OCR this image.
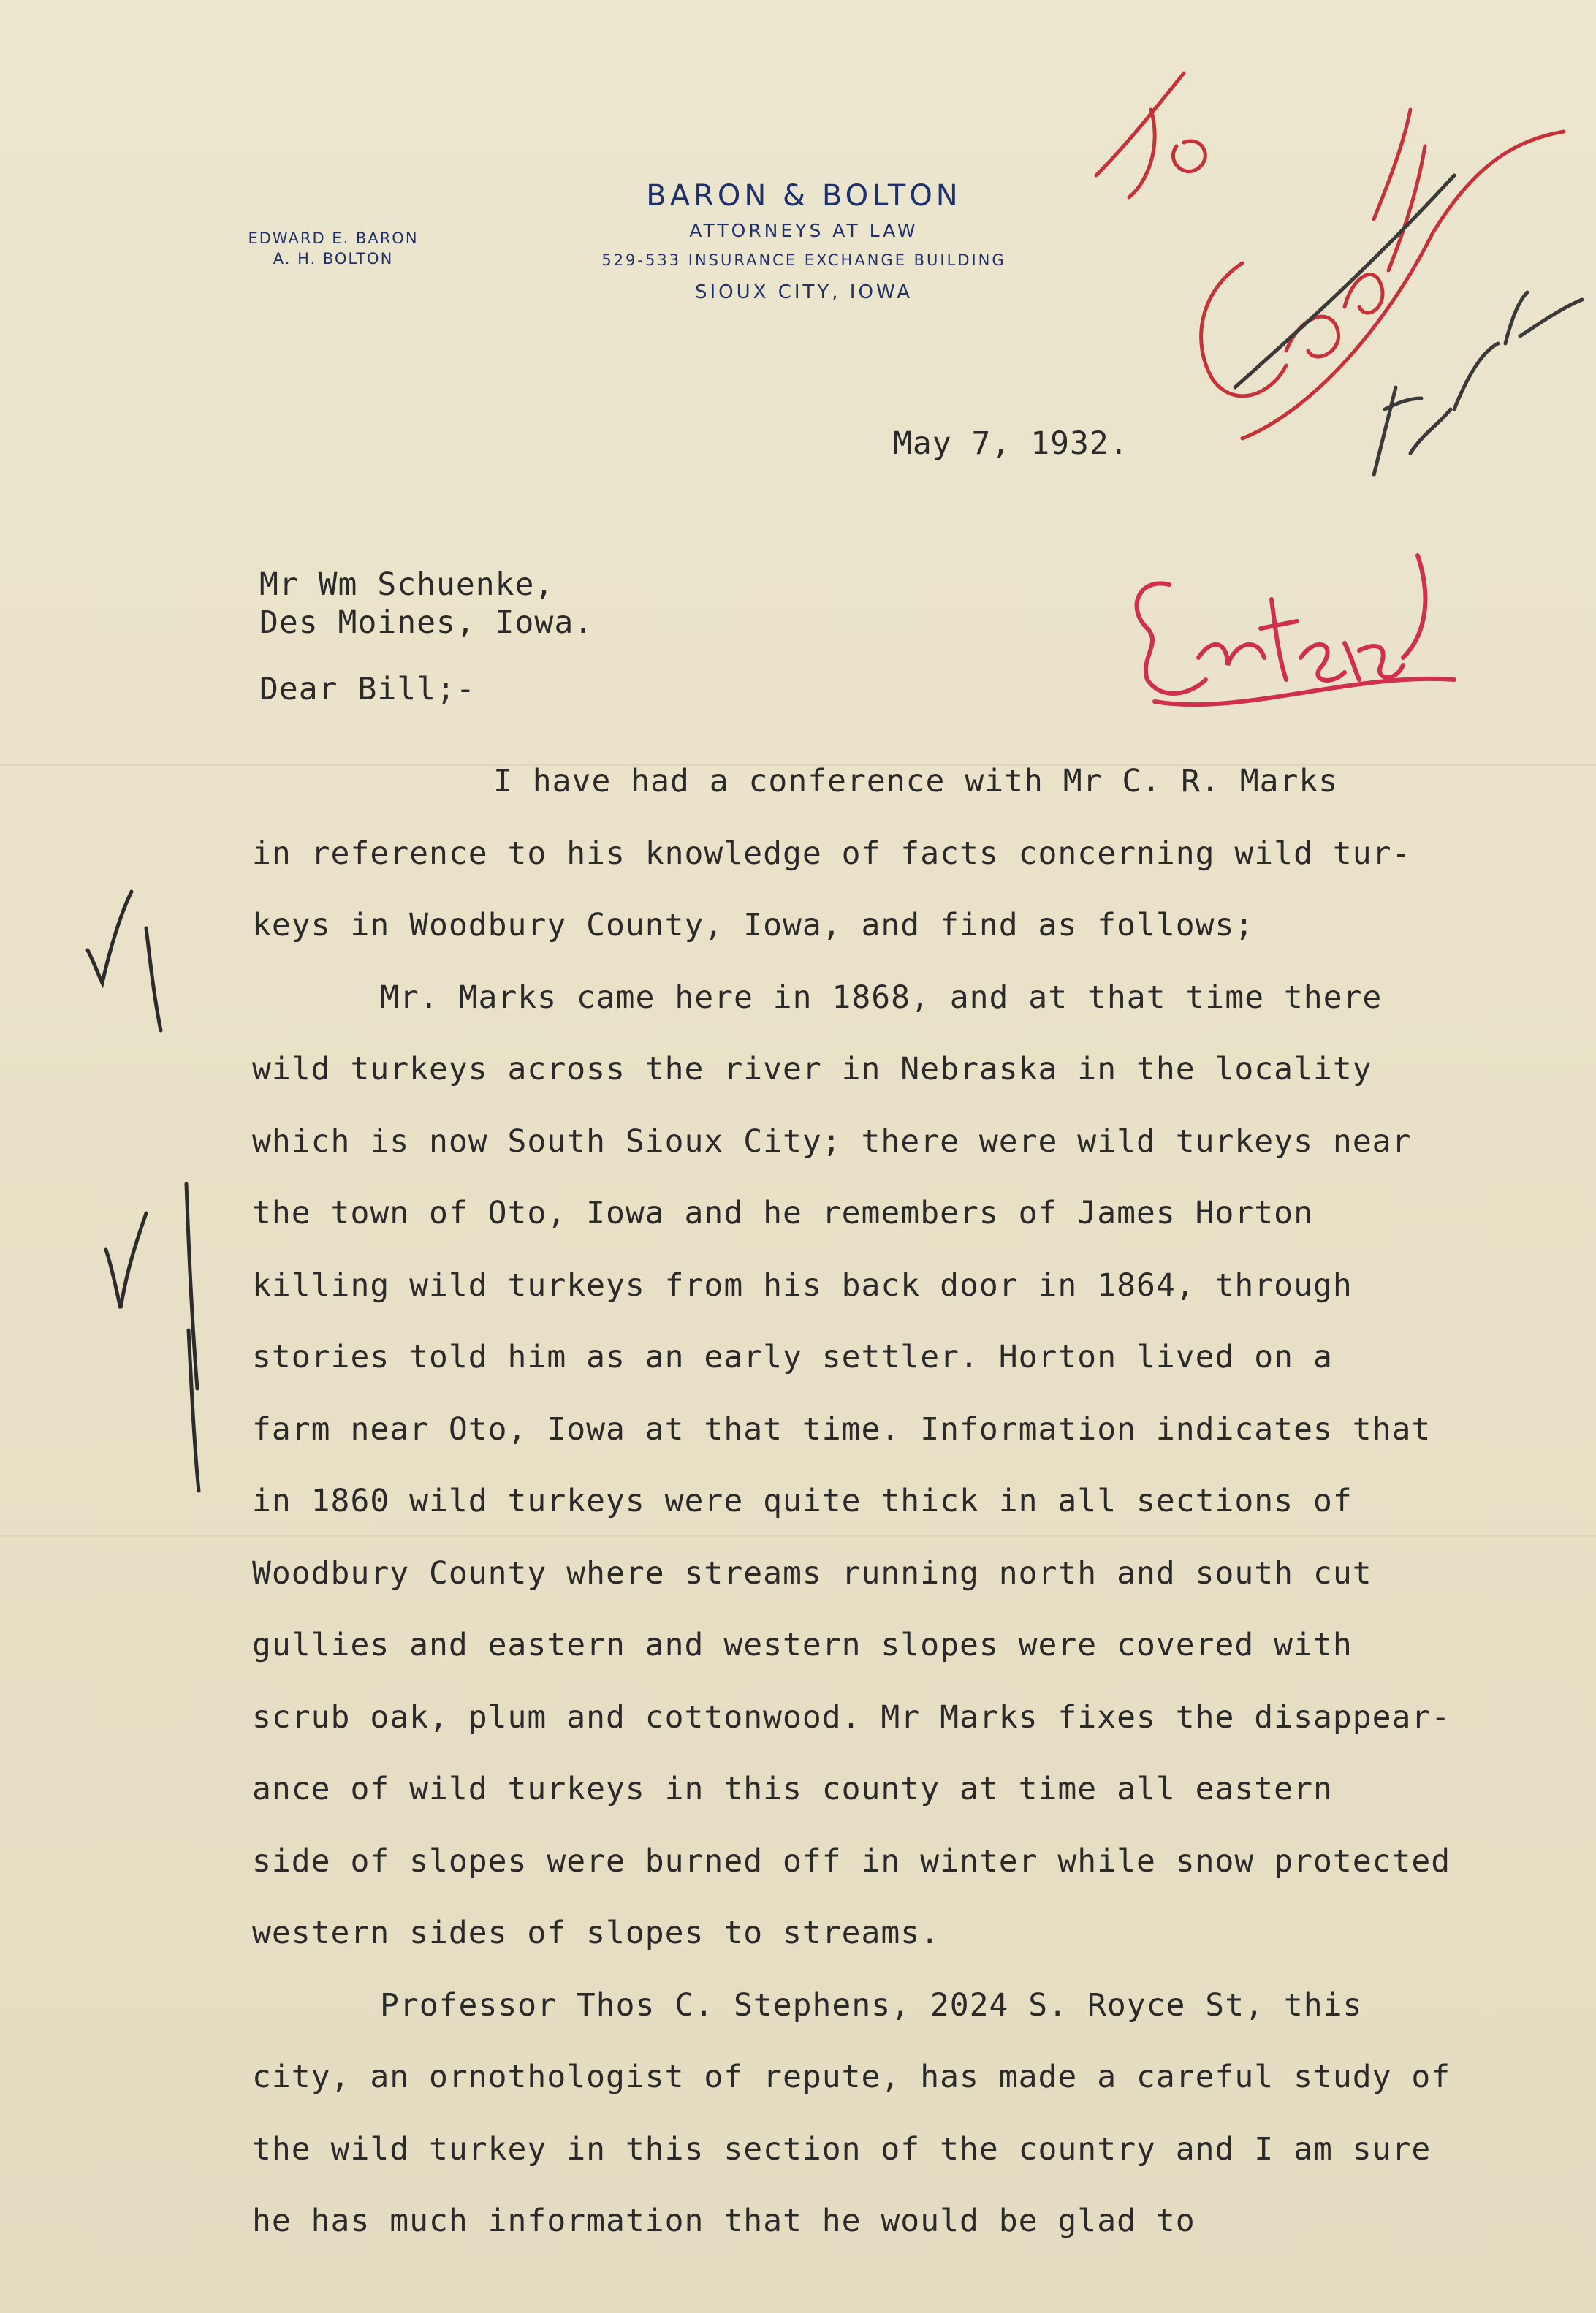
EDWARD E. BARON
A. H. BOLTON
BARON & BOLTON
ATTORNEYS AT LAW
529-533 INSURANCE EXCHANGE BUILDING
SIOUX CITY, IOWA
May 7, 1932.
Mr Wm Schuenke,
Des Moines, Iowa.
Dear Bill;-
I have had a conference with Mr C. R. Marks
in reference to his knowledge of facts concerning wild tur-
keys in Woodbury County, Iowa, and find as follows;
Mr. Marks came here in 1868, and at that time there
wild turkeys across the river in Nebraska in the locality
which is now South Sioux City; there were wild turkeys near
the town of Oto, Iowa and he remembers of James Horton
killing wild turkeys from his back door in 1864, through
stories told him as an early settler. Horton lived on a
farm near Oto, Iowa at that time. Information indicates that
in 1860 wild turkeys were quite thick in all sections of
Woodbury County where streams running north and south cut
gullies and eastern and western slopes were covered with
scrub oak, plum and cottonwood. Mr Marks fixes the disappear-
ance of wild turkeys in this county at time all eastern
side of slopes were burned off in winter while snow protected
western sides of slopes to streams.
Professor Thos C. Stephens, 2024 S. Royce St, this
city, an ornothologist of repute, has made a careful study of
the wild turkey in this section of the country and I am sure
he has much information that he would be glad to
